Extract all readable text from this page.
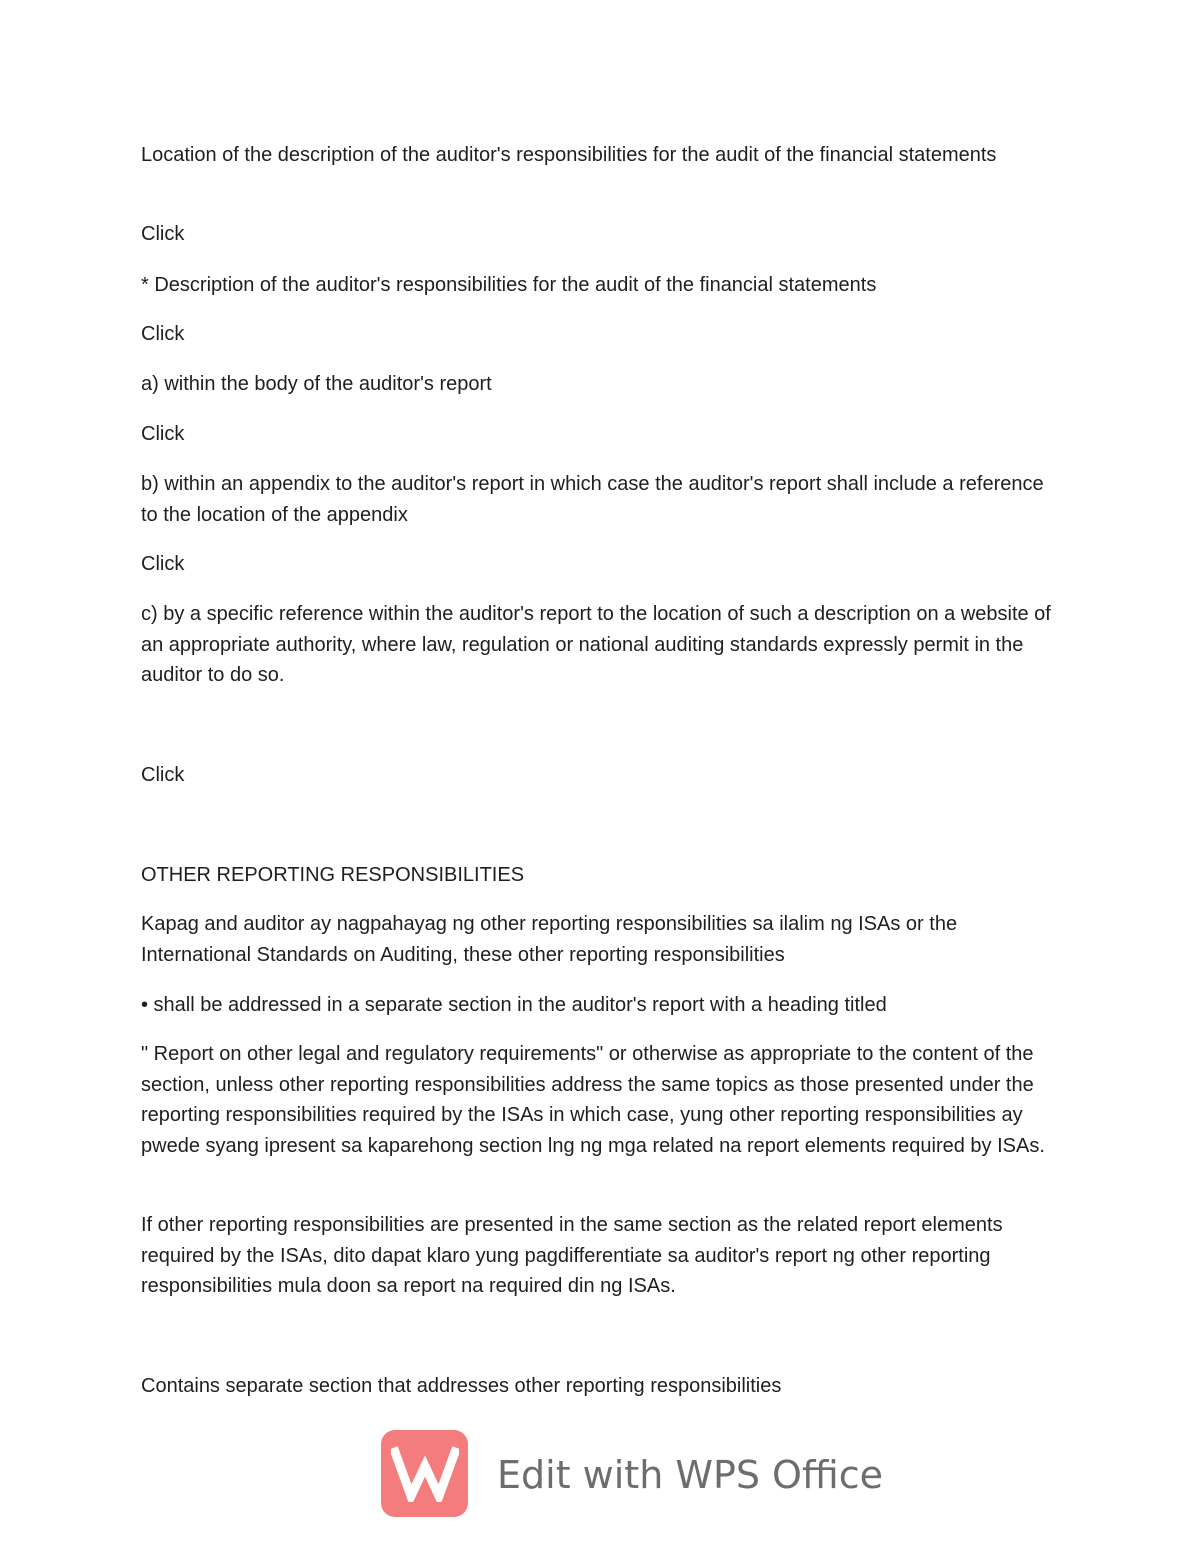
Location of the description of the auditor's responsibilities for the audit of the financial statements

Click

* Description of the auditor's responsibilities for the audit of the financial statements

Click

a) within the body of the auditor's report

Click

b) within an appendix to the auditor's report in which case the auditor's report shall include a reference to the location of the appendix

Click

c) by a specific reference within the auditor's report to the location of such a description on a website of an appropriate authority, where law, regulation or national auditing standards expressly permit in the auditor to do so.

Click

OTHER REPORTING RESPONSIBILITIES

Kapag and auditor ay nagpahayag ng other reporting responsibilities sa ilalim ng ISAs or the International Standards on Auditing, these other reporting responsibilities

• shall be addressed in a separate section in the auditor's report with a heading titled

" Report on other legal and regulatory requirements" or otherwise as appropriate to the content of the section, unless other reporting responsibilities address the same topics as those presented under the reporting responsibilities required by the ISAs in which case, yung other reporting responsibilities ay pwede syang ipresent sa kaparehong section lng ng mga related na report elements required by ISAs.

If other reporting responsibilities are presented in the same section as the related report elements required by the ISAs, dito dapat klaro yung pagdifferentiate sa auditor's report ng other reporting responsibilities mula doon sa report na required din ng ISAs.

Contains separate section that addresses other reporting responsibilities

Edit with WPS Office
